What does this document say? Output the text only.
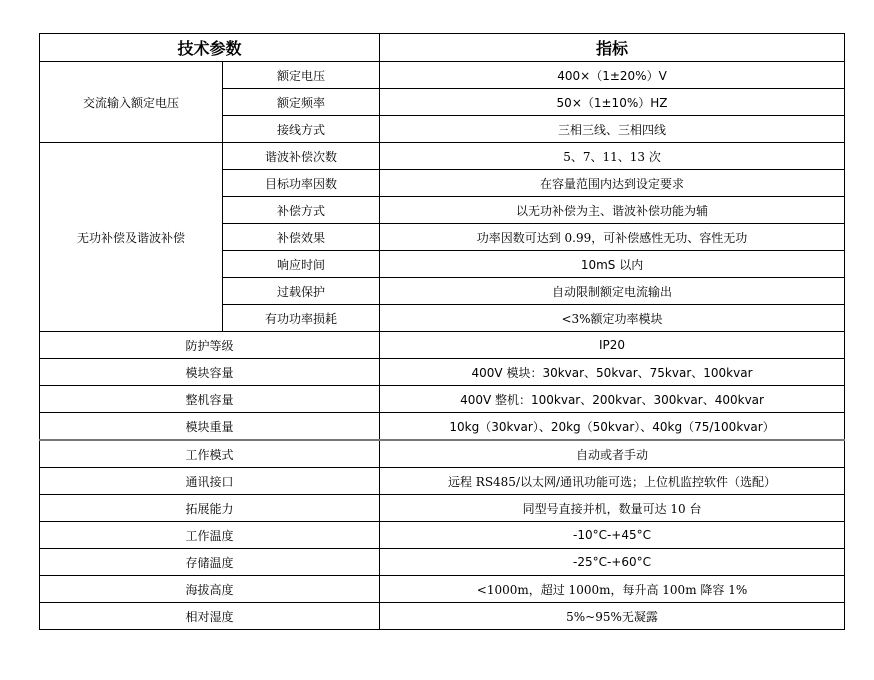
技术参数		指标
交流输入额定电压	额定电压	400×（1±20%）V
	额定频率	50×（1±10%）HZ
	接线方式	三相三线、三相四线
无功补偿及谐波补偿	谐波补偿次数	5、7、11、13 次
	目标功率因数	在容量范围内达到设定要求
	补偿方式	以无功补偿为主、谐波补偿功能为辅
	补偿效果	功率因数可达到 0.99，可补偿感性无功、容性无功
	响应时间	10mS 以内
	过载保护	自动限制额定电流输出
	有功功率损耗	<3%额定功率模块
防护等级		IP20
模块容量		400V 模块：30kvar、50kvar、75kvar、100kvar
整机容量		400V 整机：100kvar、200kvar、300kvar、400kvar
模块重量		10kg（30kvar）、20kg（50kvar）、40kg（75/100kvar）
工作模式		自动或者手动
通讯接口		远程 RS485/以太网/通讯功能可选；上位机监控软件（选配）
拓展能力		同型号直接并机，数量可达 10 台
工作温度		-10°C-+45°C
存储温度		-25°C-+60°C
海拔高度		<1000m，超过 1000m，每升高 100m 降容 1%
相对湿度		5%~95%无凝露
